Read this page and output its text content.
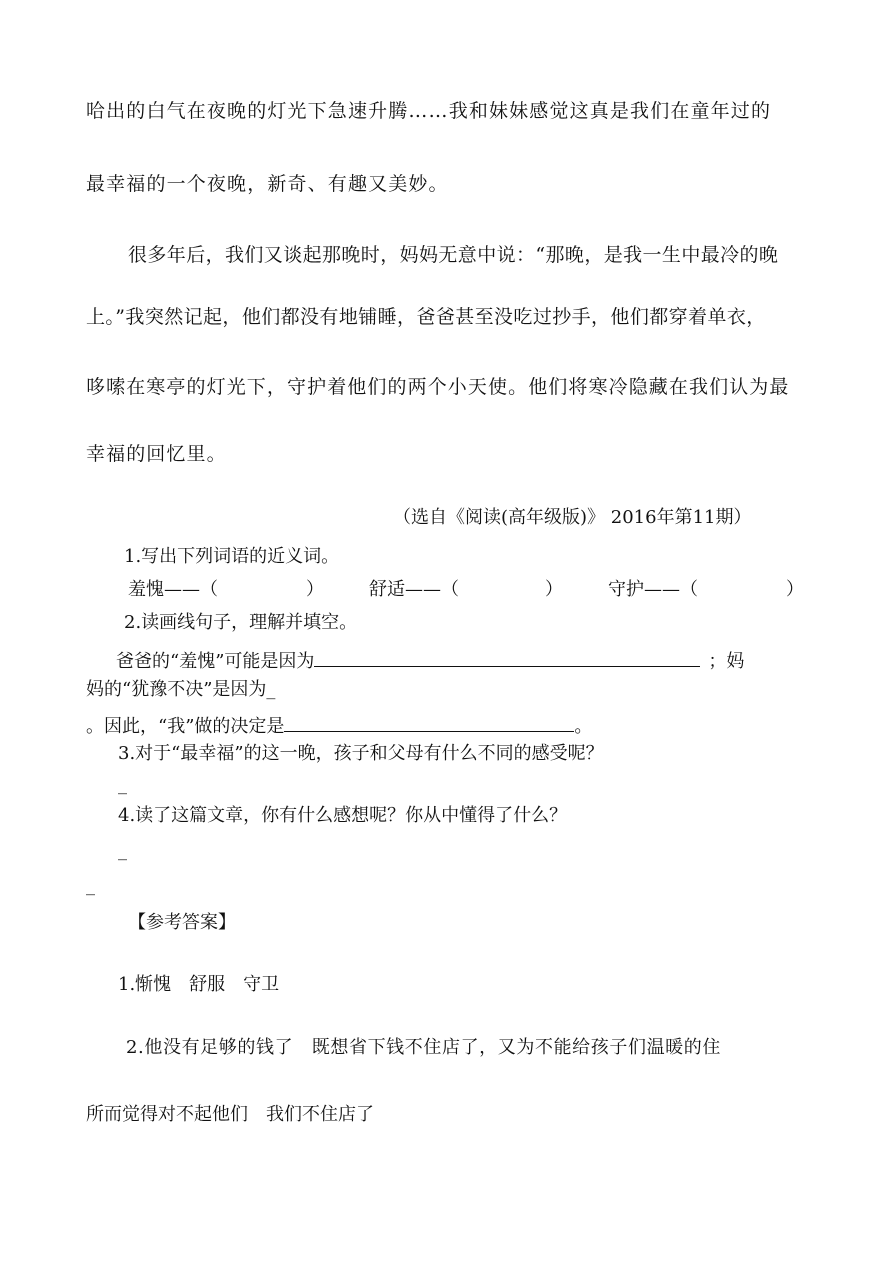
哈出的白气在夜晚的灯光下急速升腾……我和妹妹感觉这真是我们在童年过的
最幸福的一个夜晚，新奇、有趣又美妙。
很多年后，我们又谈起那晚时，妈妈无意中说：“那晚，是我一生中最冷的晚
上。”我突然记起，他们都没有地铺睡，爸爸甚至没吃过抄手，他们都穿着单衣，
哆嗦在寒亭的灯光下，守护着他们的两个小天使。他们将寒冷隐藏在我们认为最
幸福的回忆里。
（选自《阅读(高年级版)》 2016年第11期）
1.写出下列词语的近义词。
羞愧——（	）	舒适——（	）	守护——（	）
2.读画线句子，理解并填空。
爸爸的“羞愧”可能是因为	；妈
妈的“犹豫不决”是因为_
。因此，“我”做的决定是	。
3.对于“最幸福”的这一晚，孩子和父母有什么不同的感受呢？
_
4.读了这篇文章，你有什么感想呢？你从中懂得了什么？
_
_
【参考答案】
1.惭愧　舒服　守卫
2.他没有足够的钱了　既想省下钱不住店了，又为不能给孩子们温暖的住
所而觉得对不起他们　我们不住店了
